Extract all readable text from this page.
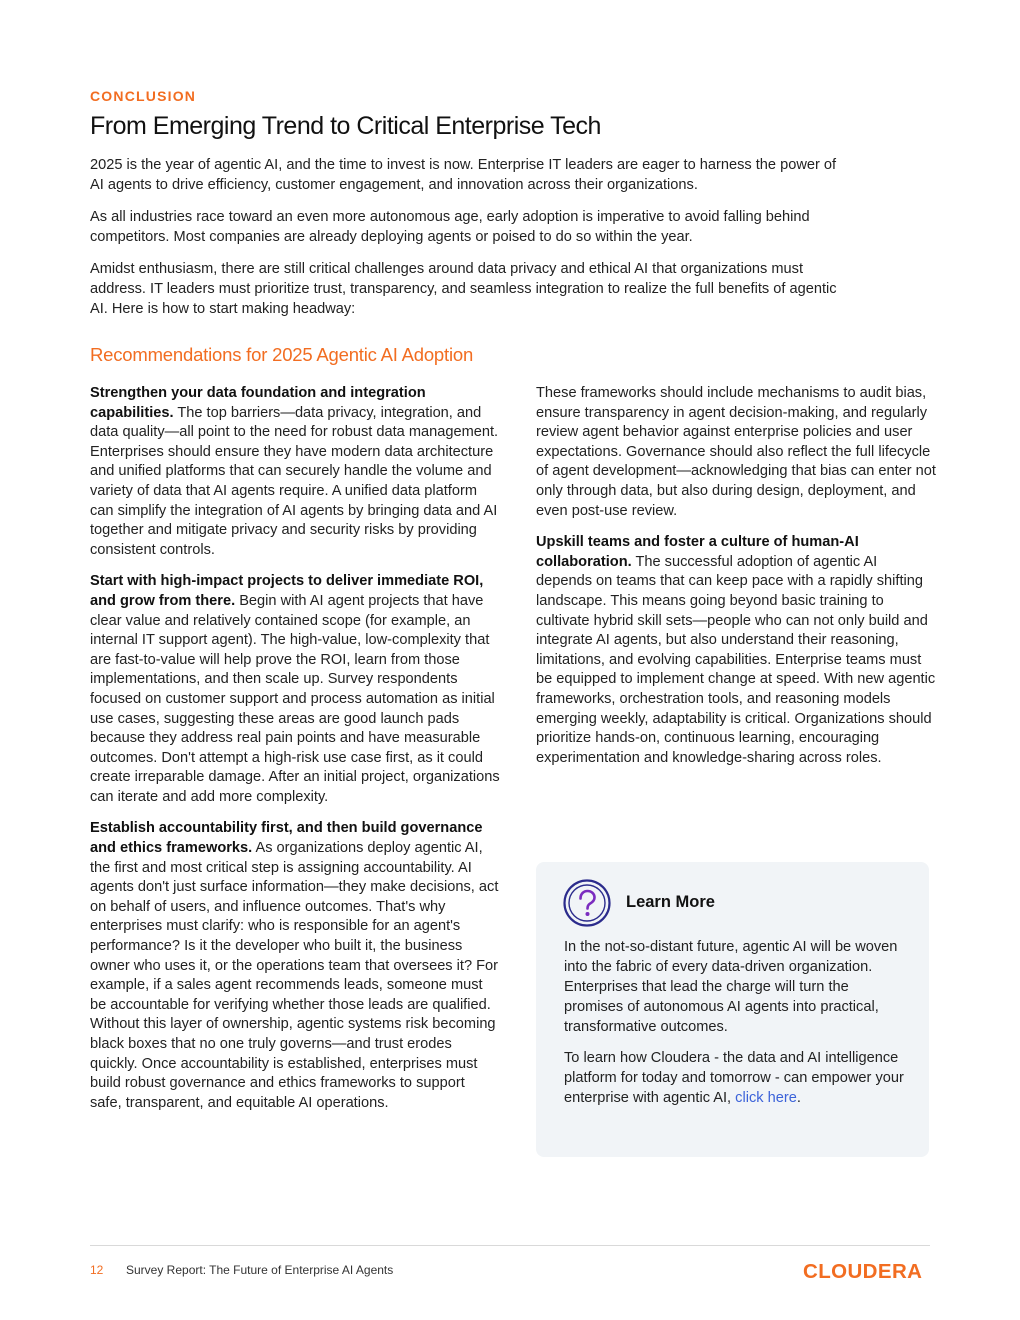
CONCLUSION
From Emerging Trend to Critical Enterprise Tech

2025 is the year of agentic AI, and the time to invest is now. Enterprise IT leaders are eager to harness the power of AI agents to drive efficiency, customer engagement, and innovation across their organizations.

As all industries race toward an even more autonomous age, early adoption is imperative to avoid falling behind competitors. Most companies are already deploying agents or poised to do so within the year.

Amidst enthusiasm, there are still critical challenges around data privacy and ethical AI that organizations must address. IT leaders must prioritize trust, transparency, and seamless integration to realize the full benefits of agentic AI. Here is how to start making headway:

Recommendations for 2025 Agentic AI Adoption

Strengthen your data foundation and integration capabilities. The top barriers—data privacy, integration, and data quality—all point to the need for robust data management. Enterprises should ensure they have modern data architecture and unified platforms that can securely handle the volume and variety of data that AI agents require. A unified data platform can simplify the integration of AI agents by bringing data and AI together and mitigate privacy and security risks by providing consistent controls.

Start with high-impact projects to deliver immediate ROI, and grow from there. Begin with AI agent projects that have clear value and relatively contained scope (for example, an internal IT support agent). The high-value, low-complexity that are fast-to-value will help prove the ROI, learn from those implementations, and then scale up. Survey respondents focused on customer support and process automation as initial use cases, suggesting these areas are good launch pads because they address real pain points and have measurable outcomes. Don't attempt a high-risk use case first, as it could create irreparable damage. After an initial project, organizations can iterate and add more complexity.

Establish accountability first, and then build governance and ethics frameworks. As organizations deploy agentic AI, the first and most critical step is assigning accountability. AI agents don't just surface information—they make decisions, act on behalf of users, and influence outcomes. That's why enterprises must clarify: who is responsible for an agent's performance? Is it the developer who built it, the business owner who uses it, or the operations team that oversees it? For example, if a sales agent recommends leads, someone must be accountable for verifying whether those leads are qualified. Without this layer of ownership, agentic systems risk becoming black boxes that no one truly governs—and trust erodes quickly. Once accountability is established, enterprises must build robust governance and ethics frameworks to support safe, transparent, and equitable AI operations.

These frameworks should include mechanisms to audit bias, ensure transparency in agent decision-making, and regularly review agent behavior against enterprise policies and user expectations. Governance should also reflect the full lifecycle of agent development—acknowledging that bias can enter not only through data, but also during design, deployment, and even post-use review.

Upskill teams and foster a culture of human-AI collaboration. The successful adoption of agentic AI depends on teams that can keep pace with a rapidly shifting landscape. This means going beyond basic training to cultivate hybrid skill sets—people who can not only build and integrate AI agents, but also understand their reasoning, limitations, and evolving capabilities. Enterprise teams must be equipped to implement change at speed. With new agentic frameworks, orchestration tools, and reasoning models emerging weekly, adaptability is critical. Organizations should prioritize hands-on, continuous learning, encouraging experimentation and knowledge-sharing across roles.

Learn More

In the not-so-distant future, agentic AI will be woven into the fabric of every data-driven organization. Enterprises that lead the charge will turn the promises of autonomous AI agents into practical, transformative outcomes.

To learn how Cloudera - the data and AI intelligence platform for today and tomorrow - can empower your enterprise with agentic AI, click here.

12 Survey Report: The Future of Enterprise AI Agents	CLOUDERA
